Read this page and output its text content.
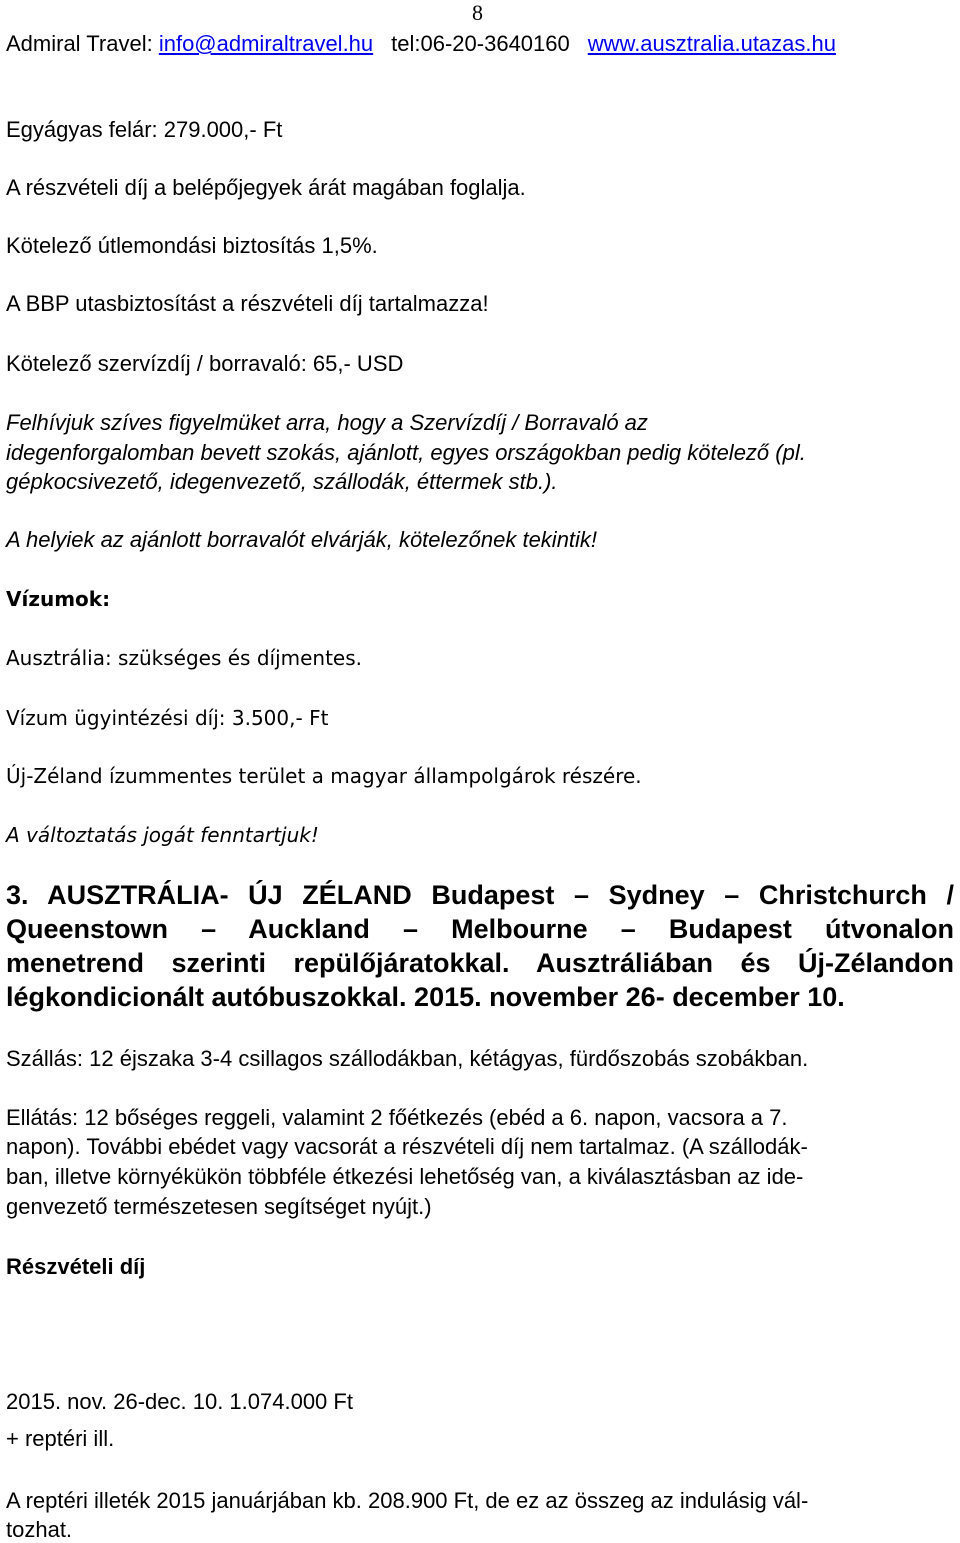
8
Admiral Travel: info@admiraltravel.hu tel:06-20-3640160 www.ausztralia.utazas.hu
Egyágyas felár: 279.000,- Ft
A részvételi díj a belépőjegyek árát magában foglalja.
Kötelező útlemondási biztosítás 1,5%.
A BBP utasbiztosítást a részvételi díj tartalmazza!
Kötelező szervízdíj / borravaló: 65,- USD
Felhívjuk szíves figyelmüket arra, hogy a Szervízdíj / Borravaló az
idegenforgalomban bevett szokás, ajánlott, egyes országokban pedig kötelező (pl.
gépkocsivezető, idegenvezető, szállodák, éttermek stb.).
A helyiek az ajánlott borravalót elvárják, kötelezőnek tekintik!
Vízumok:
Ausztrália: szükséges és díjmentes.
Vízum ügyintézési díj: 3.500,- Ft
Új-Zéland ízummentes terület a magyar állampolgárok részére.
A változtatás jogát fenntartjuk!
3. AUSZTRÁLIA- ÚJ ZÉLAND Budapest – Sydney – Christchurch /
Queenstown – Auckland – Melbourne – Budapest útvonalon
menetrend szerinti repülőjáratokkal. Ausztráliában és Új-Zélandon
légkondicionált autóbuszokkal. 2015. november 26- december 10.
Szállás: 12 éjszaka 3-4 csillagos szállodákban, kétágyas, fürdőszobás szobákban.
Ellátás: 12 bőséges reggeli, valamint 2 főétkezés (ebéd a 6. napon, vacsora a 7.
napon). További ebédet vagy vacsorát a részvételi díj nem tartalmaz. (A szállodák-
ban, illetve környékükön többféle étkezési lehetőség van, a kiválasztásban az ide-
genvezető természetesen segítséget nyújt.)
Részvételi díj
2015. nov. 26-dec. 10. 1.074.000 Ft
+ reptéri ill.
A reptéri illeték 2015 januárjában kb. 208.900 Ft, de ez az összeg az indulásig vál-
tozhat.
